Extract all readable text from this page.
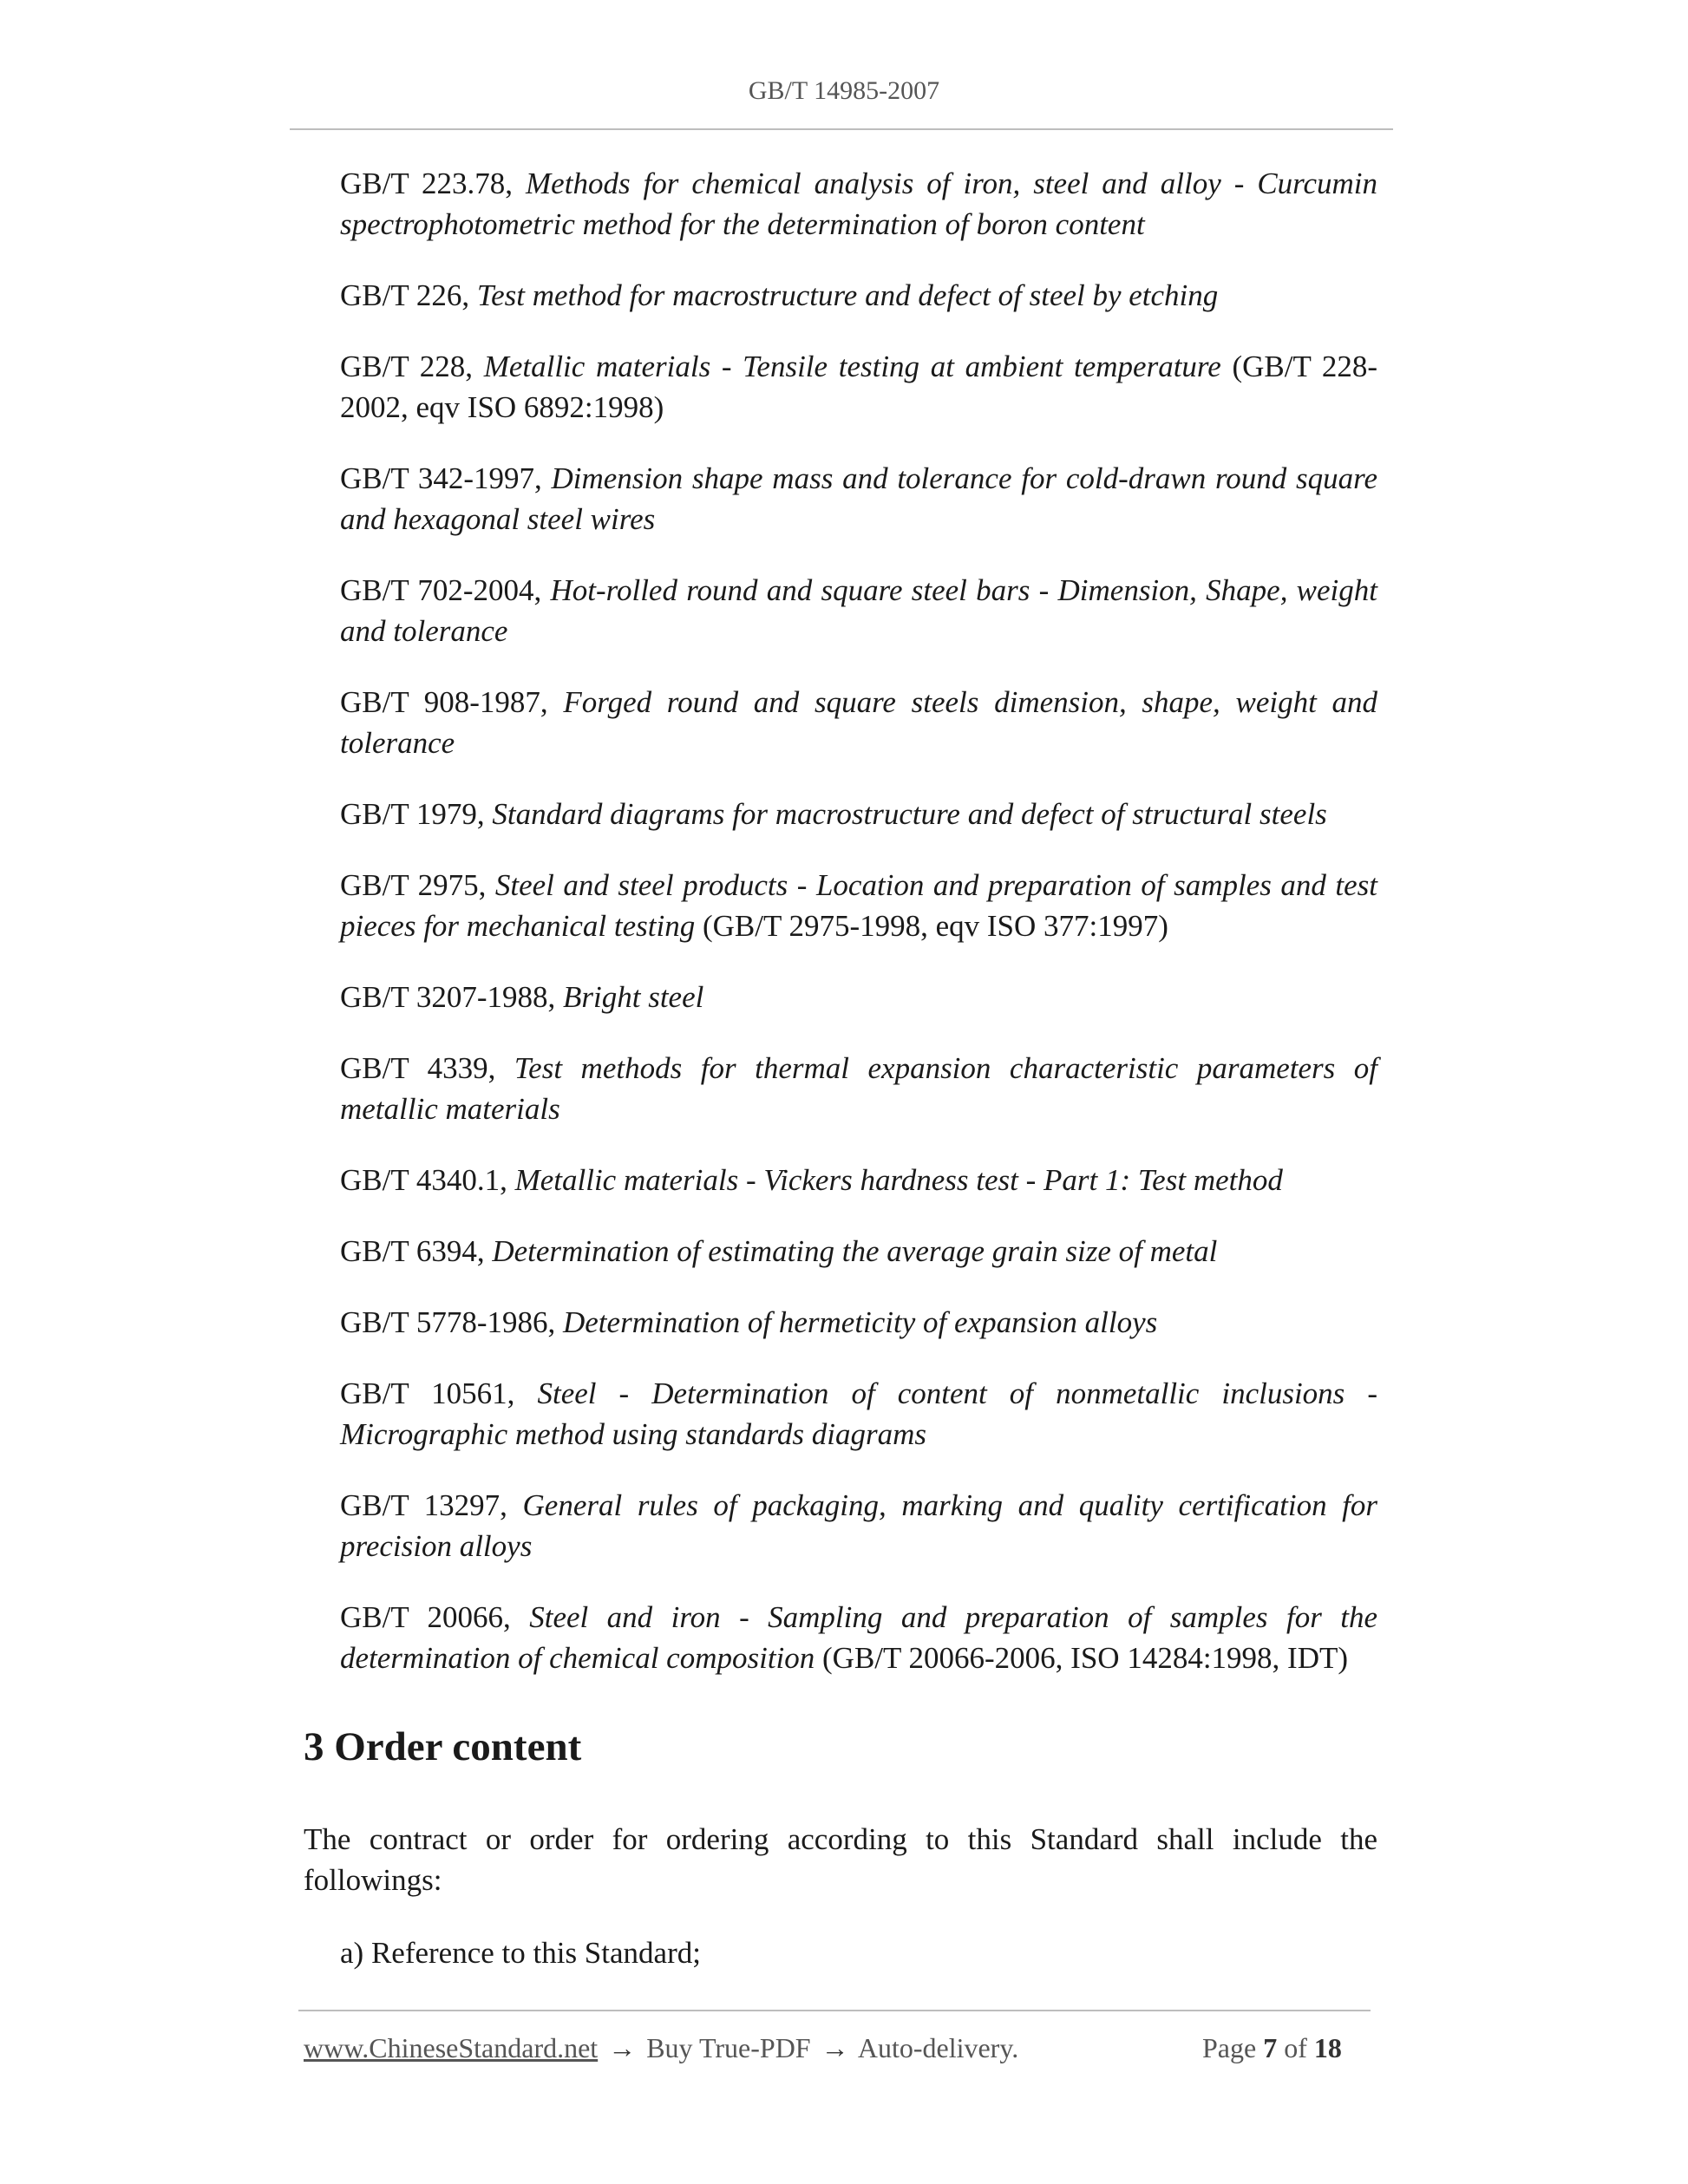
GB/T 14985-2007

GB/T 223.78, Methods for chemical analysis of iron, steel and alloy - Curcumin spectrophotometric method for the determination of boron content

GB/T 226, Test method for macrostructure and defect of steel by etching

GB/T 228, Metallic materials - Tensile testing at ambient temperature (GB/T 228-2002, eqv ISO 6892:1998)

GB/T 342-1997, Dimension shape mass and tolerance for cold-drawn round square and hexagonal steel wires

GB/T 702-2004, Hot-rolled round and square steel bars - Dimension, Shape, weight and tolerance

GB/T 908-1987, Forged round and square steels dimension, shape, weight and tolerance

GB/T 1979, Standard diagrams for macrostructure and defect of structural steels

GB/T 2975, Steel and steel products - Location and preparation of samples and test pieces for mechanical testing (GB/T 2975-1998, eqv ISO 377:1997)

GB/T 3207-1988, Bright steel

GB/T 4339, Test methods for thermal expansion characteristic parameters of metallic materials

GB/T 4340.1, Metallic materials - Vickers hardness test - Part 1: Test method

GB/T 6394, Determination of estimating the average grain size of metal

GB/T 5778-1986, Determination of hermeticity of expansion alloys

GB/T 10561, Steel - Determination of content of nonmetallic inclusions - Micrographic method using standards diagrams

GB/T 13297, General rules of packaging, marking and quality certification for precision alloys

GB/T 20066, Steel and iron - Sampling and preparation of samples for the determination of chemical composition (GB/T 20066-2006, ISO 14284:1998, IDT)

3 Order content

The contract or order for ordering according to this Standard shall include the followings:

a) Reference to this Standard;

www.ChineseStandard.net → Buy True-PDF → Auto-delivery.	Page 7 of 18
